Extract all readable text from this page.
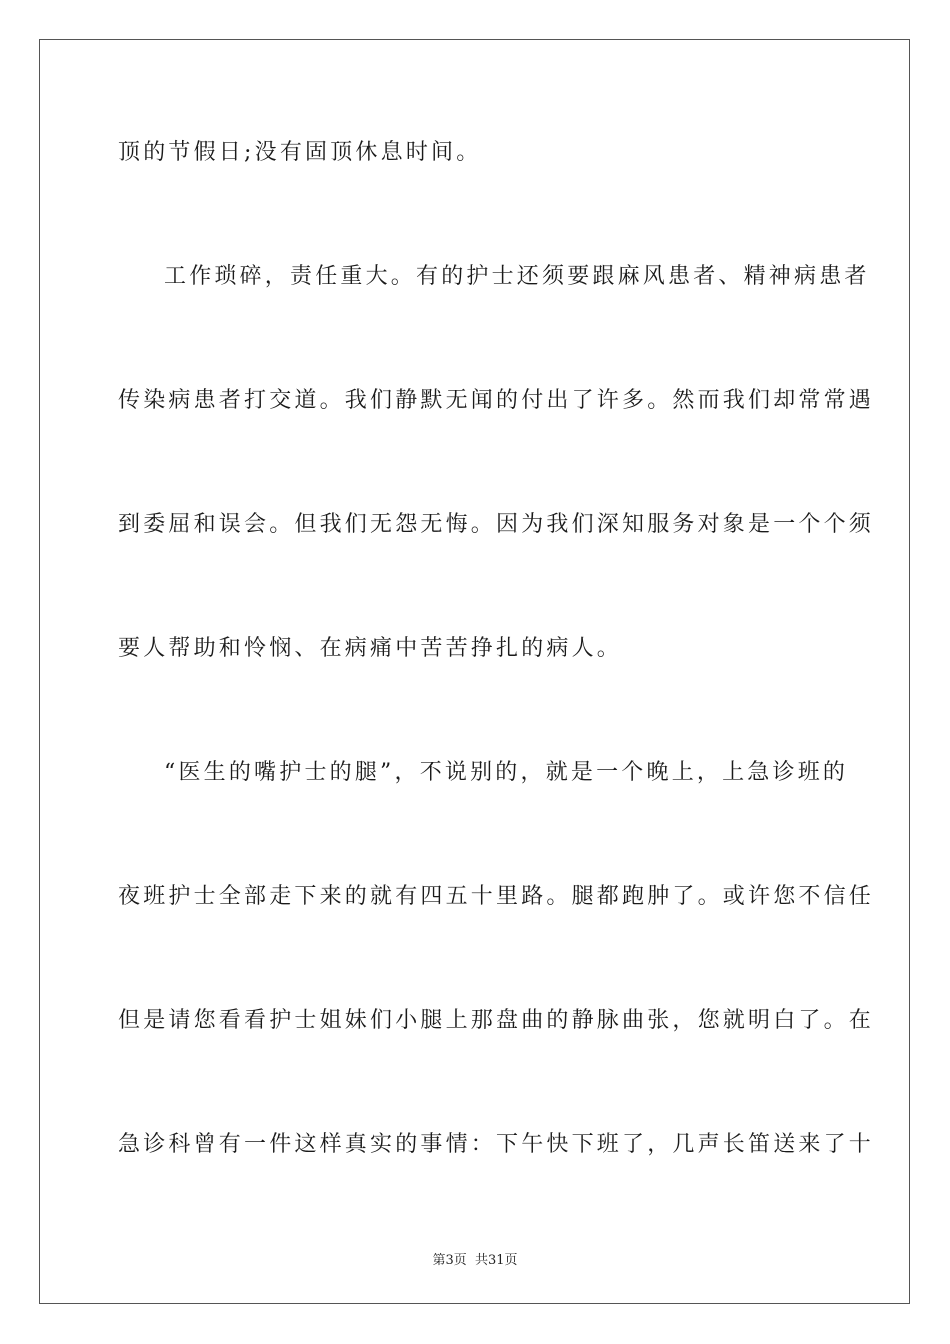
顶的节假日;没有固顶休息时间。
工作琐碎，责任重大。有的护士还须要跟麻风患者、精神病患者
传染病患者打交道。我们静默无闻的付出了许多。然而我们却常常遇
到委屈和误会。但我们无怨无悔。因为我们深知服务对象是一个个须
要人帮助和怜悯、在病痛中苦苦挣扎的病人。
“医生的嘴护士的腿”，不说别的，就是一个晚上，上急诊班的
夜班护士全部走下来的就有四五十里路。腿都跑肿了。或许您不信任
但是请您看看护士姐妹们小腿上那盘曲的静脉曲张，您就明白了。在
急诊科曾有一件这样真实的事情：下午快下班了，几声长笛送来了十
第3页 共31页
